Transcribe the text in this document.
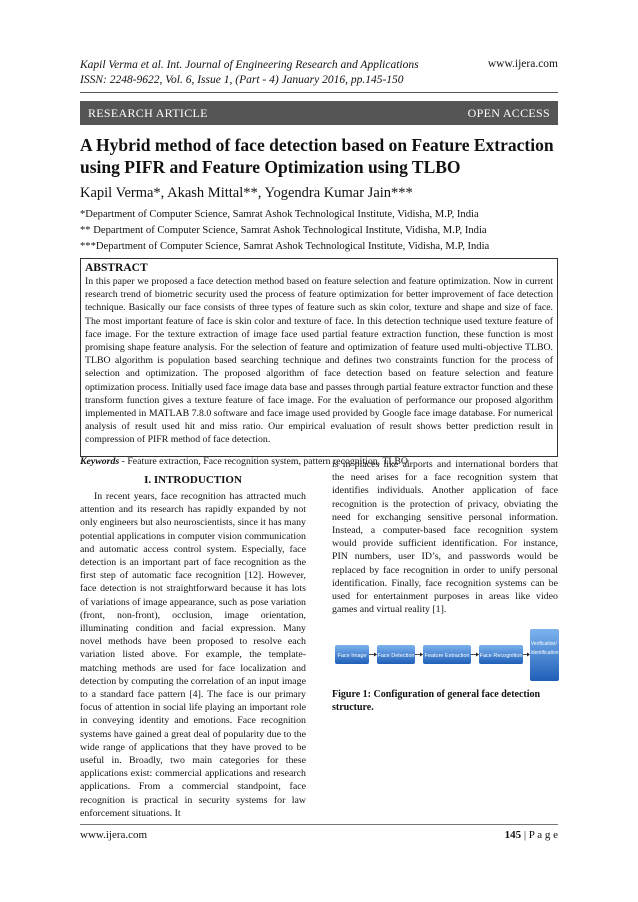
Kapil Verma et al. Int. Journal of Engineering Research and Applications
ISSN: 2248-9622, Vol. 6, Issue 1, (Part - 4) January 2016, pp.145-150
www.ijera.com
RESEARCH ARTICLE	OPEN ACCESS
A Hybrid method of face detection based on Feature Extraction using PIFR and Feature Optimization using TLBO
Kapil Verma*, Akash Mittal**, Yogendra Kumar Jain***
*Department of Computer Science, Samrat Ashok Technological Institute, Vidisha, M.P, India
** Department of Computer Science, Samrat Ashok Technological Institute, Vidisha, M.P, India
***Department of Computer Science, Samrat Ashok Technological Institute, Vidisha, M.P, India
ABSTRACT
In this paper we proposed a face detection method based on feature selection and feature optimization. Now in current research trend of biometric security used the process of feature optimization for better improvement of face detection technique. Basically our face consists of three types of feature such as skin color, texture and shape and size of face. The most important feature of face is skin color and texture of face. In this detection technique used texture feature of face image. For the texture extraction of image face used partial feature extraction function, these function is most promising shape feature analysis. For the selection of feature and optimization of feature used multi-objective TLBO. TLBO algorithm is population based searching technique and defines two constraints function for the process of selection and optimization. The proposed algorithm of face detection based on feature selection and feature optimization process. Initially used face image data base and passes through partial feature extractor function and these transform function gives a texture feature of face image. For the evaluation of performance our proposed algorithm implemented in MATLAB 7.8.0 software and face image used provided by Google face image database. For numerical analysis of result used hit and miss ratio. Our empirical evaluation of result shows better prediction result in compression of PIFR method of face detection.
Keywords - Feature extraction, Face recognition system, pattern recognition, TLBO
I. INTRODUCTION
In recent years, face recognition has attracted much attention and its research has rapidly expanded by not only engineers but also neuroscientists, since it has many potential applications in computer vision communication and automatic access control system. Especially, face detection is an important part of face recognition as the first step of automatic face recognition [12]. However, face detection is not straightforward because it has lots of variations of image appearance, such as pose variation (front, non-front), occlusion, image orientation, illuminating condition and facial expression. Many novel methods have been proposed to resolve each variation listed above. For example, the template-matching methods are used for face localization and detection by computing the correlation of an input image to a standard face pattern [4]. The face is our primary focus of attention in social life playing an important role in conveying identity and emotions. Face recognition systems have gained a great deal of popularity due to the wide range of applications that they have proved to be useful in. Broadly, two main categories for these applications exist: commercial applications and research applications. From a commercial standpoint, face recognition is practical in security systems for law enforcement situations. It
is in places like airports and international borders that the need arises for a face recognition system that identifies individuals. Another application of face recognition is the protection of privacy, obviating the need for exchanging sensitive personal information. Instead, a computer-based face recognition system would provide sufficient identification. For instance, PIN numbers, user ID’s, and passwords would be replaced by face recognition in order to unify personal identification. Finally, face recognition systems can be used for entertainment purposes in areas like video games and virtual reality [1].
Face Image Face Detection Feature Extraction Face Recognition
Verification/ Identification
Figure 1: Configuration of general face detection structure.
www.ijera.com	145 | P a g e
